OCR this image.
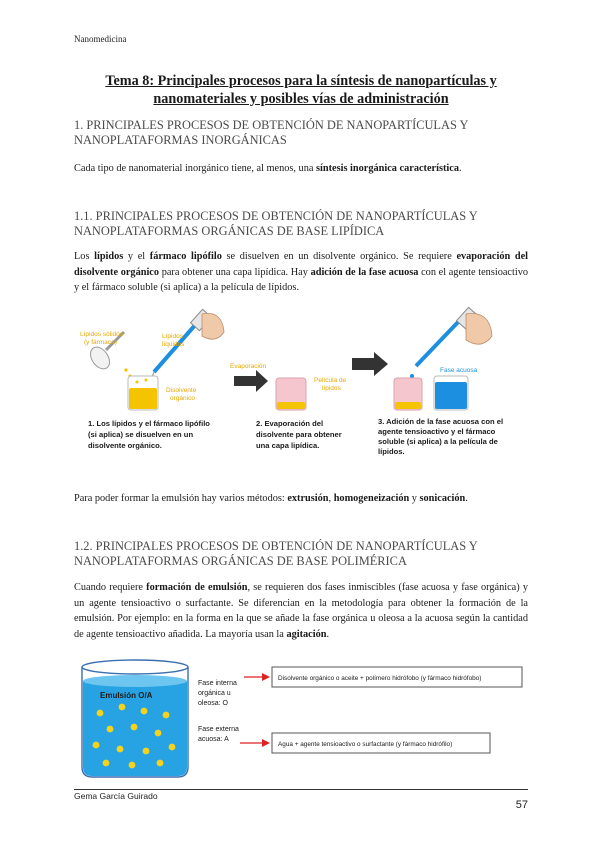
Nanomedicina
Tema 8: Principales procesos para la síntesis de nanopartículas y
nanomateriales y posibles vías de administración
1. PRINCIPALES PROCESOS DE OBTENCIÓN DE NANOPARTÍCULAS Y
NANOPLATAFORMAS INORGÁNICAS
Cada tipo de nanomaterial inorgánico tiene, al menos, una síntesis inorgánica característica.
1.1. PRINCIPALES PROCESOS DE OBTENCIÓN DE NANOPARTÍCULAS Y
NANOPLATAFORMAS ORGÁNICAS DE BASE LIPÍDICA
Los lípidos y el fármaco lipófilo se disuelven en un disolvente orgánico. Se requiere evaporación del disolvente orgánico para obtener una capa lipídica. Hay adición de la fase acuosa con el agente tensioactivo y el fármaco soluble (si aplica) a la película de lípidos.
Lípidos sólidos
(y fármaco)
Lípidos
líquidos
Disolvente
orgánico
Evaporación
Película de
lípidos
Fase acuosa
1. Los lípidos y el fármaco lipófilo
(si aplica) se disuelven en un
disolvente orgánico.
2. Evaporación del
disolvente para obtener
una capa lipídica.
3. Adición de la fase acuosa con el
agente tensioactivo y el fármaco
soluble (si aplica) a la película de
lípidos.
Para poder formar la emulsión hay varios métodos: extrusión, homogeneización y sonicación.
1.2. PRINCIPALES PROCESOS DE OBTENCIÓN DE NANOPARTÍCULAS Y
NANOPLATAFORMAS ORGÁNICAS DE BASE POLIMÉRICA
Cuando requiere formación de emulsión, se requieren dos fases inmiscibles (fase acuosa y fase orgánica) y un agente tensioactivo o surfactante. Se diferencian en la metodología para obtener la formación de la emulsión. Por ejemplo: en la forma en la que se añade la fase orgánica u oleosa a la acuosa según la cantidad de agente tensioactivo añadida. La mayoría usan la agitación.
Emulsión O/A
Fase interna
orgánica u
oleosa: O
Fase externa
acuosa: A
Disolvente orgánico o aceite + polímero hidrófobo (y fármaco hidrófobo)
Agua + agente tensioactivo o surfactante (y fármaco hidrófilo)
Gema García Guirado
57
